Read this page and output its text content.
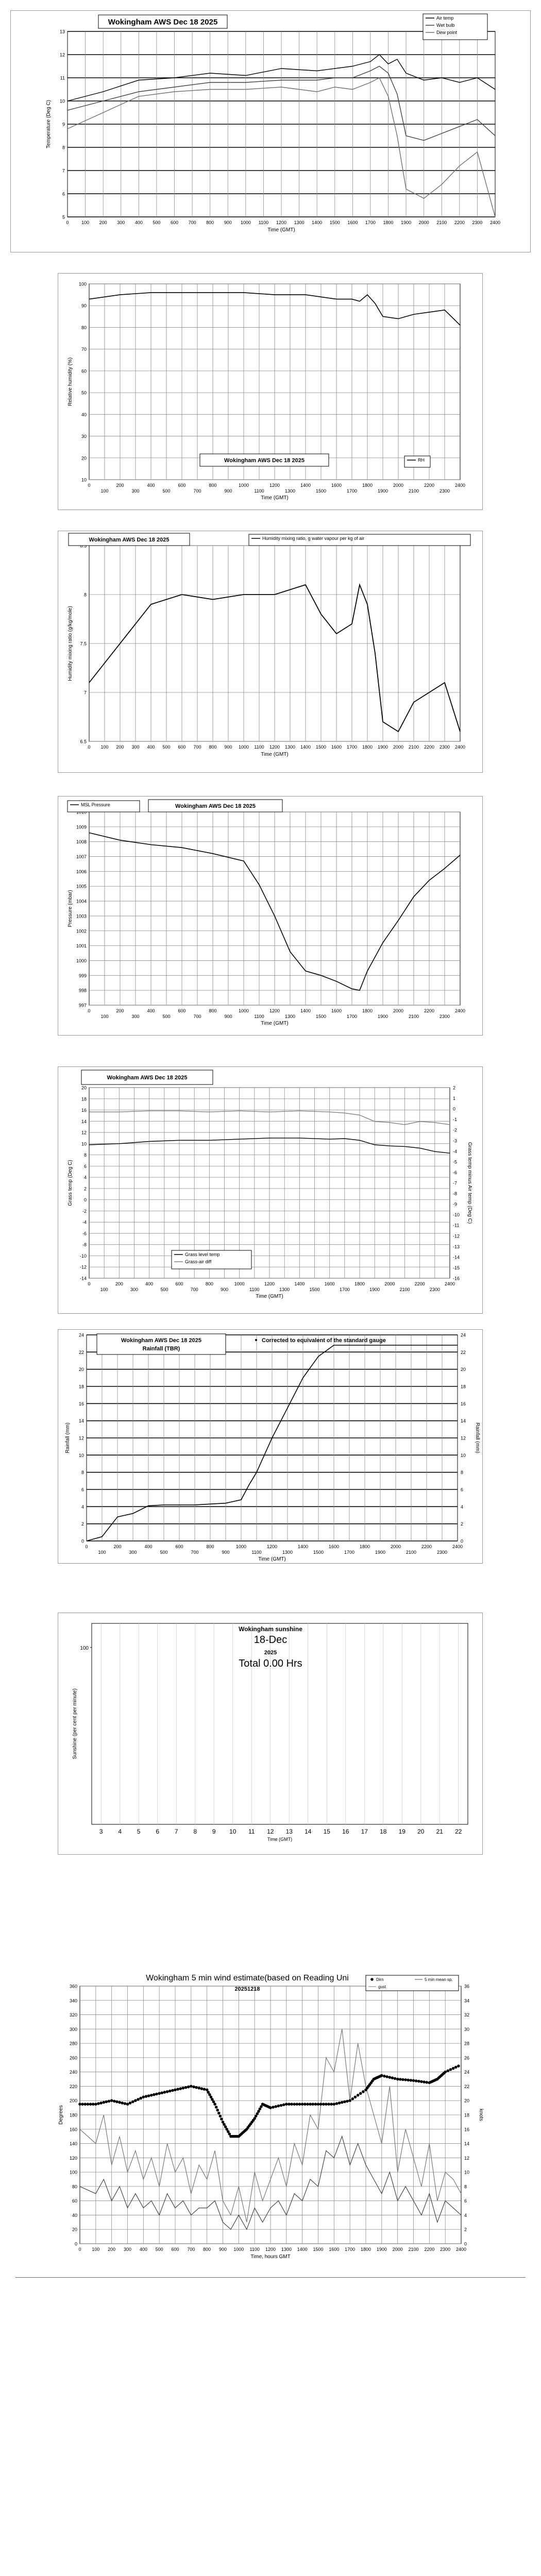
5
6
7
8
9
10
11
12
13
0	100 200 300 400 500 600 700 800 900 1000 1100 1200 1300 1400 1500 1600 1700 1800 1900 2000 2100 2200 2300 2400
Time (GMT)
Temperature (Deg C)
Wokingham AWS Dec 18 2025	Air temp
Wet bulb
Dew point
10
20
30
40
50
60
70
80
90
100
0
100
200
300
400
500
600
700
800
900
1000
1100
1200
1300
1400
1500
1600
1700
1800
1900
2000
2100
2200
2300
2400
Time (GMT)
Relative humidity (%)
Wokingham AWS Dec 18 2025	RH
6.5
7
7.5
8
0 100 200 300 400 500 600 700 800 900 1000 1100 1200 1300 1400 1500 1600 1700 1800 1900 2000 2100 2200 2300 2400
Time (GMT)
Humidity mixing ratio (g/kg/mole)
Wokingham AWS Dec 18 2025	Humidity mixing ratio, g water vapour per kg of air
997
998
999
1000
1001
1002
1003
1004
1005
1006
1007
1008
1009
0
100
200
300
400
500
600
700
800
900
1000
1100
1200
1300
1400
1500
1600
1700
1800
1900
2000
2100
2200
2300
2400
Time (GMT)
Pressure (mbar)
Wokingham AWS Dec 18 2025
MSL Pressure
-14
-12
-10
-8
-6
-4
-2
0
2
4
6
8
10
12
14
16
18
20
-16
-15
-14
-13
-12
-11
-10
-9
-8
-7
-6
-5
-4
-3
-2
-1
0
1
2
0
100
200
300
400
500
600
700
800
900
1000
1100
1200
1300
1400
1500
1600
1700
1800
1900
2000
2100
2200
2300
2400
Time (GMT)
Grass temp (Deg C)	Grass temp minus Air temp (Deg C)
Wokingham AWS Dec 18 2025
Grass level temp
Grass-air diff
0
2
4
6
8
10
12
14
16
18
20
22
24
0
2
4
6
8
10
12
14
16
18
20
22
24
0
100
200
300
400
500
600
700
800
900
1000
1100
1200
1300
1400
1500
1600
1700
1800
1900
2000
2100
2200
2300
2400
Time (GMT)
Rainfall (mm)	Rainfall (mm)
Wokingham AWS Dec 18 2025
Rainfall (TBR)
Corrected to equivalent of the standard gauge
3 4 5 6 7 8 9 10 11 12 13 14 15 16 17 18 19 20 21 22
100
Time (GMT)
Sunshine (per cent per minute)
Wokingham sunshine
18-Dec
2025
Total 0.00 Hrs
0
20
40
60
80
100
120
140
160
180
200
220
240
260
280
300
320
340
360
0
2
4
6
8
10
12
14
16
18
20
22
24
26
28
30
32
34
36
0 100 200 300 400 500 600 700 800 900 1000 1100 1200 1300 1400 1500 1600 1700 1800 1900 2000 2100 2200 2300 2400
Time, hours GMT
Degrees	knots
Wokingham 5 min wind estimate(based on Reading Uni
20251218
Dirn	5 min mean sp.
gust
